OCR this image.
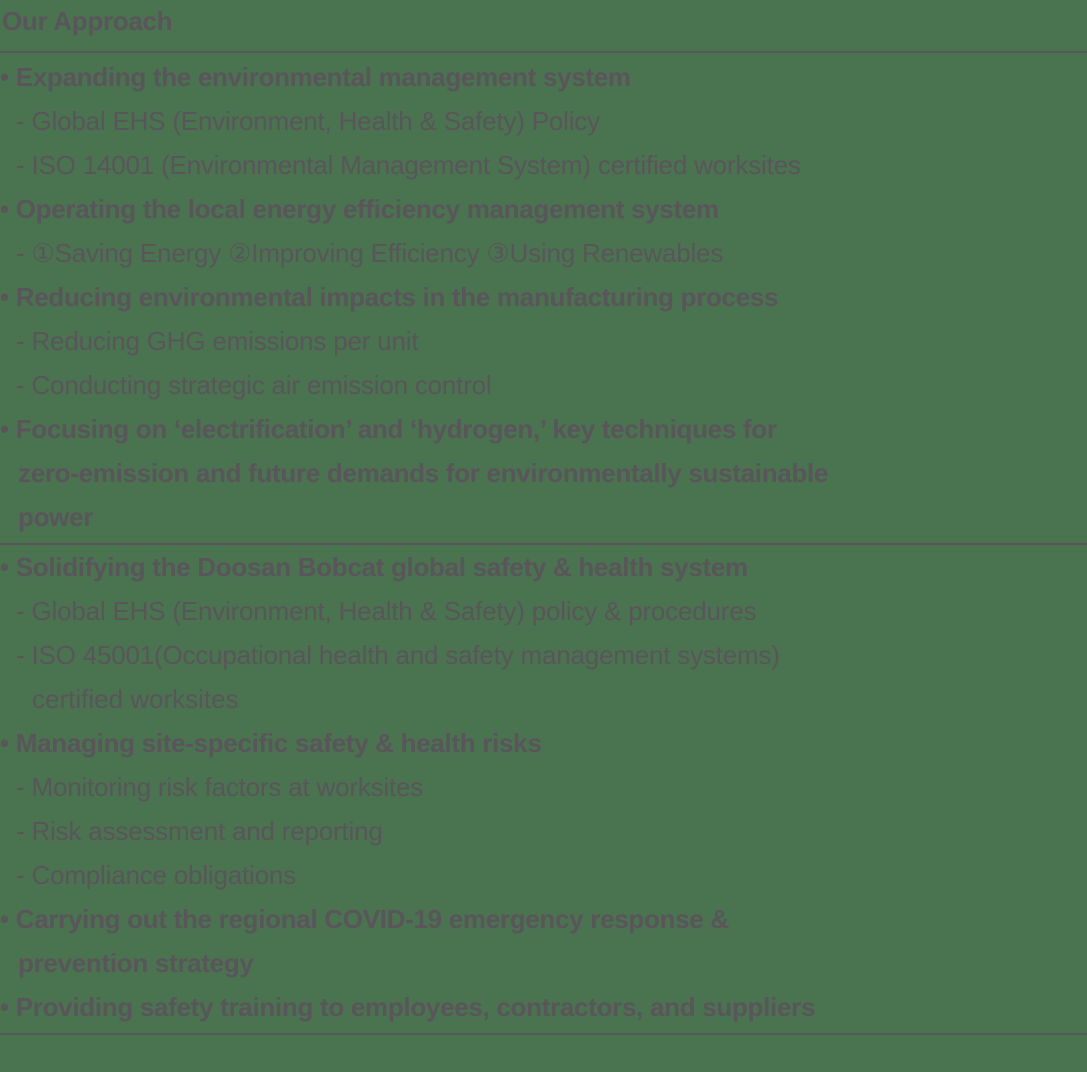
Our Approach
• Expanding the environmental management system
- Global EHS (Environment, Health & Safety) Policy
- ISO 14001 (Environmental Management System) certified worksites
• Operating the local energy efficiency management system
- ①Saving Energy ②Improving Efficiency ③Using Renewables
• Reducing environmental impacts in the manufacturing process
- Reducing GHG emissions per unit
- Conducting strategic air emission control
• Focusing on ‘electrification’ and ‘hydrogen,’ key techniques for
zero-emission and future demands for environmentally sustainable
power
• Solidifying the Doosan Bobcat global safety & health system
- Global EHS (Environment, Health & Safety) policy & procedures
- ISO 45001(Occupational health and safety management systems)
certified worksites
• Managing site-specific safety & health risks
- Monitoring risk factors at worksites
- Risk assessment and reporting
- Compliance obligations
• Carrying out the regional COVID-19 emergency response &
prevention strategy
• Providing safety training to employees, contractors, and suppliers
